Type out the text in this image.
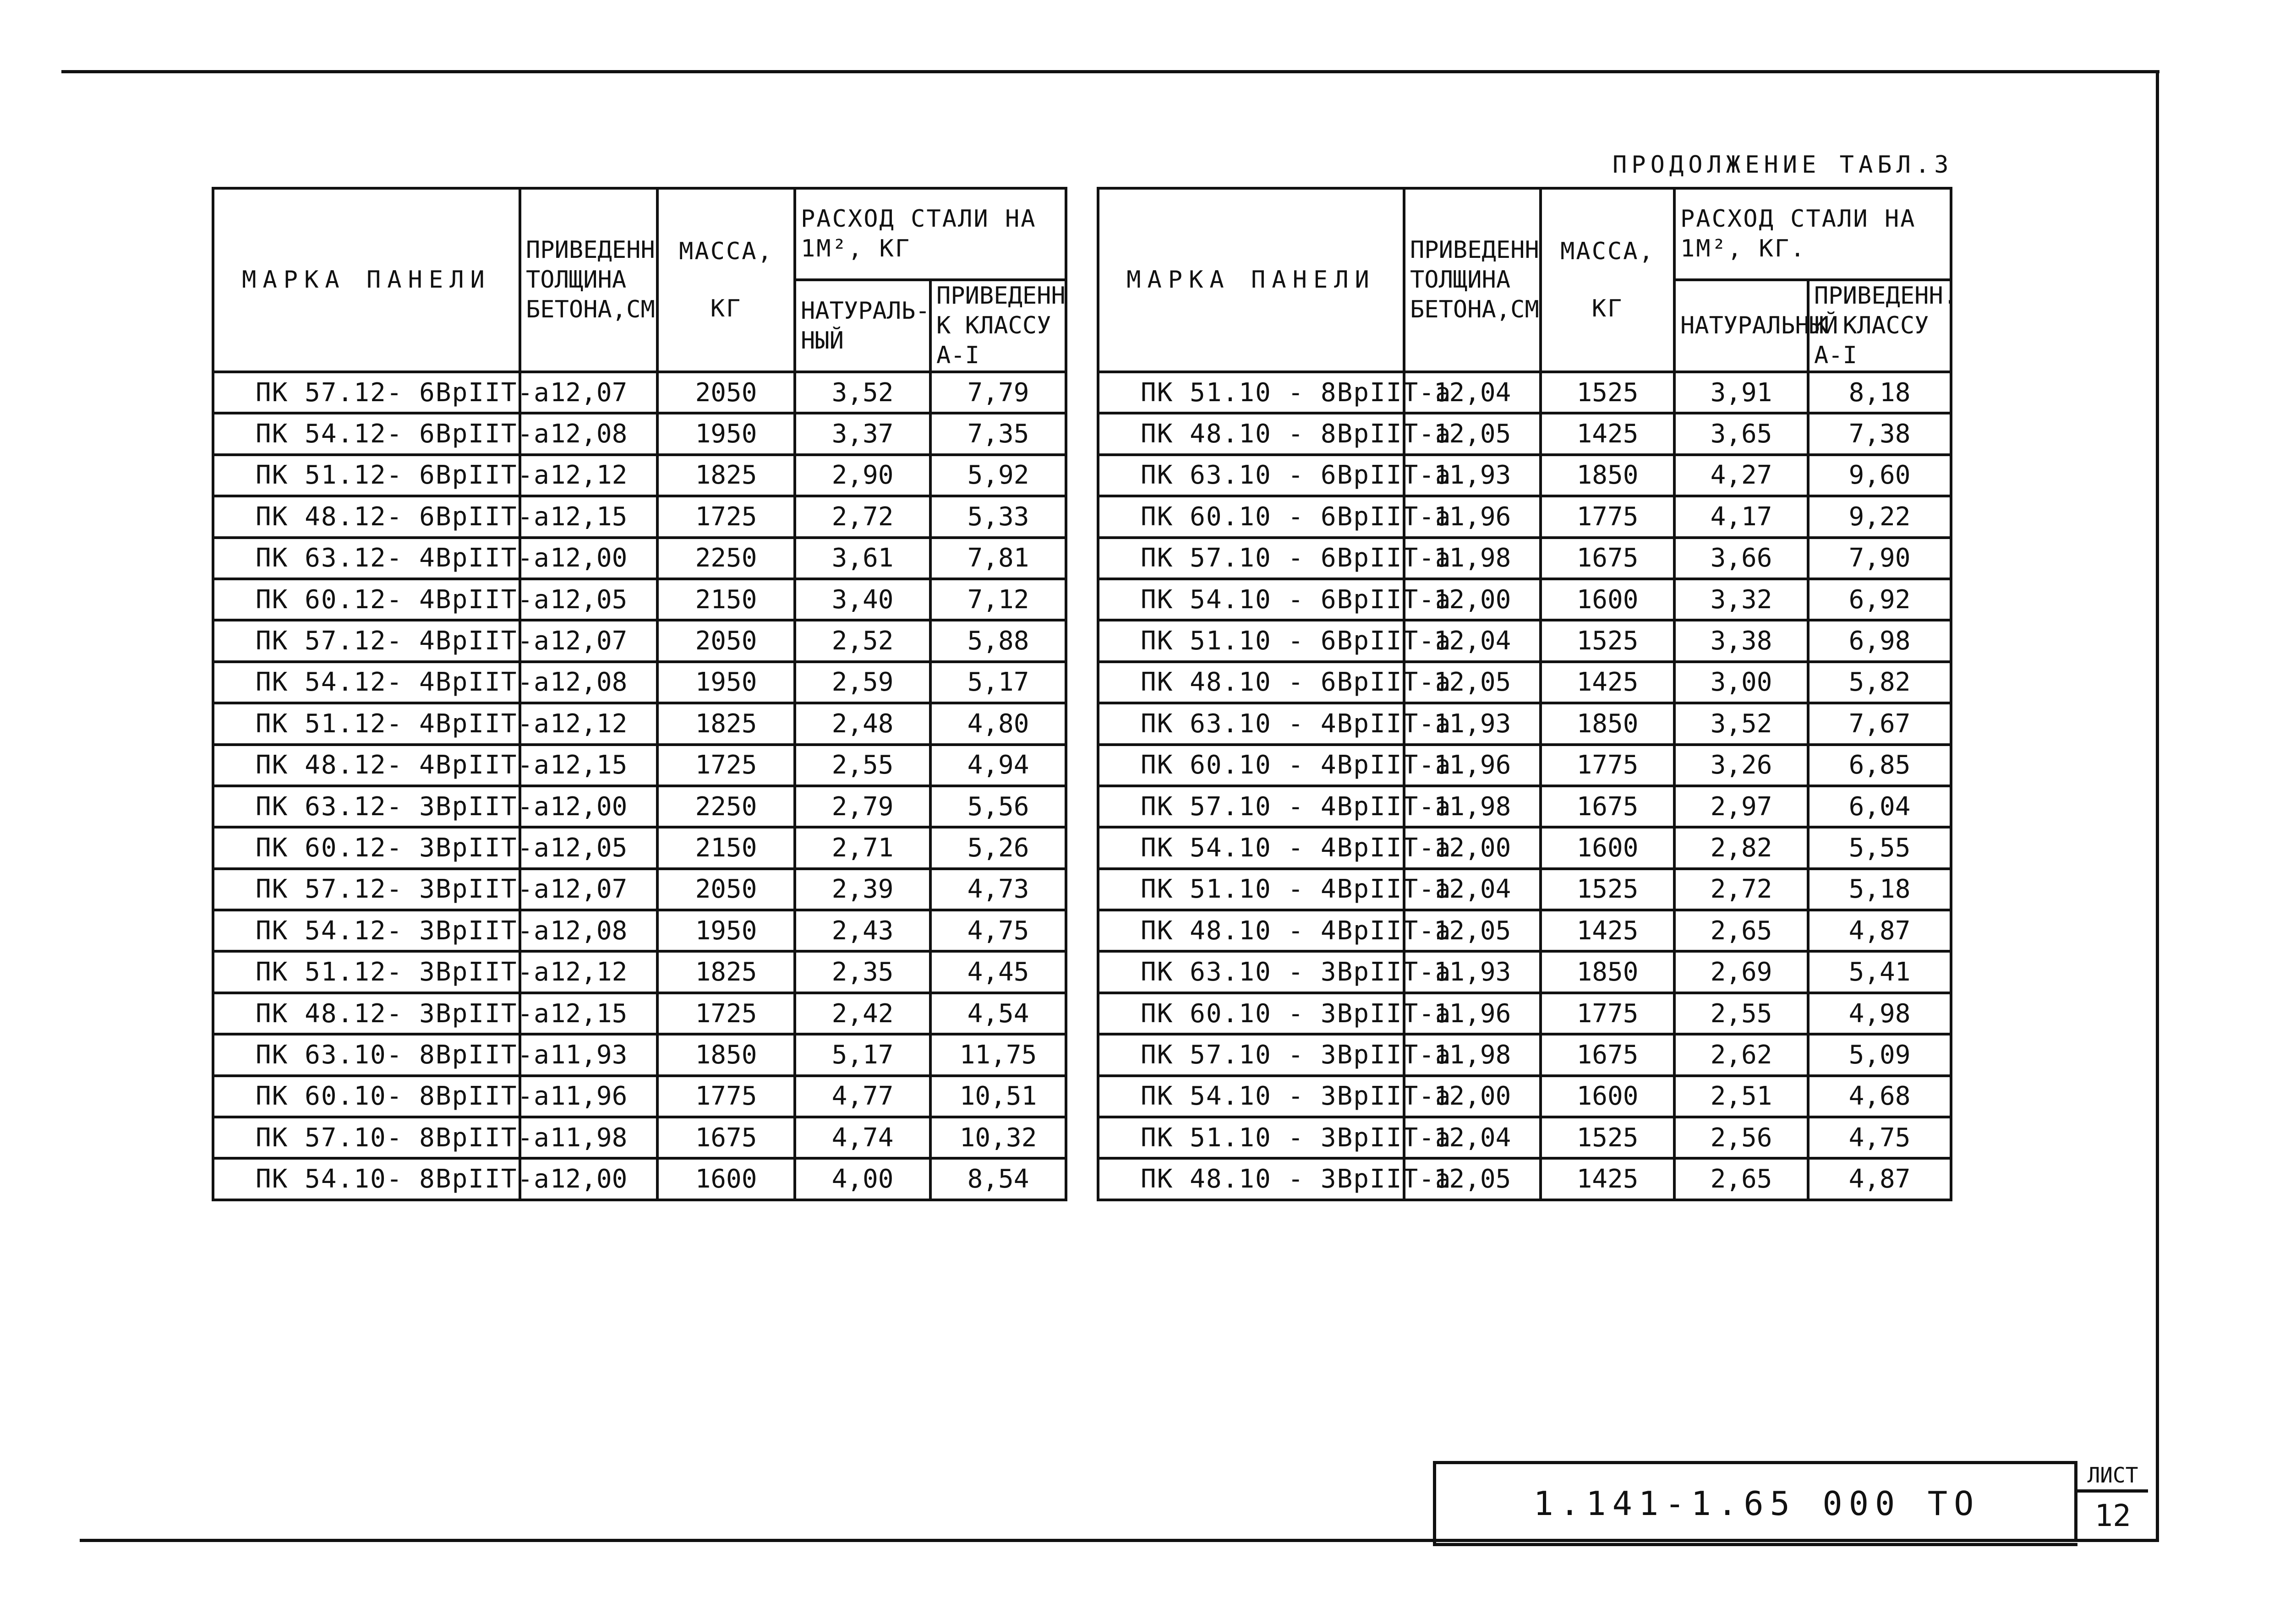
ПРОДОЛЖЕНИЕ ТАБЛ.3
МАРКА ПАНЕЛИ	ПРИВЕДЕНН ТОЛЩИНА БЕТОНА,СМ	МАССА,
КГ	РАСХОД СТАЛИ НА 1М², КГ	
			НАТУРАЛЬ-НЫЙ	ПРИВЕДЕНН К КЛАССУ А-I
ПК 57.12- 6ВрIIТ-а	12,07	2050	3,52	7,79
ПК 54.12- 6ВрIIТ-а	12,08	1950	3,37	7,35
ПК 51.12- 6ВрIIТ-а	12,12	1825	2,90	5,92
ПК 48.12- 6ВрIIТ-а	12,15	1725	2,72	5,33
ПК 63.12- 4ВрIIТ-а	12,00	2250	3,61	7,81
ПК 60.12- 4ВрIIТ-а	12,05	2150	3,40	7,12
ПК 57.12- 4ВрIIТ-а	12,07	2050	2,52	5,88
ПК 54.12- 4ВрIIТ-а	12,08	1950	2,59	5,17
ПК 51.12- 4ВрIIТ-а	12,12	1825	2,48	4,80
ПК 48.12- 4ВрIIТ-а	12,15	1725	2,55	4,94
ПК 63.12- 3ВрIIТ-а	12,00	2250	2,79	5,56
ПК 60.12- 3ВрIIТ-а	12,05	2150	2,71	5,26
ПК 57.12- 3ВрIIТ-а	12,07	2050	2,39	4,73
ПК 54.12- 3ВрIIТ-а	12,08	1950	2,43	4,75
ПК 51.12- 3ВрIIТ-а	12,12	1825	2,35	4,45
ПК 48.12- 3ВрIIТ-а	12,15	1725	2,42	4,54
ПК 63.10- 8ВрIIТ-а	11,93	1850	5,17	11,75
ПК 60.10- 8ВрIIТ-а	11,96	1775	4,77	10,51
ПК 57.10- 8ВрIIТ-а	11,98	1675	4,74	10,32
ПК 54.10- 8ВрIIТ-а	12,00	1600	4,00	8,54
МАРКА ПАНЕЛИ	ПРИВЕДЕНН ТОЛЩИНА БЕТОНА,СМ	МАССА,
КГ	РАСХОД СТАЛИ НА 1М², КГ.	
			НАТУРАЛЬНЫЙ	ПРИВЕДЕНН. К КЛАССУ А-I
ПК 51.10 - 8ВрIIТ-а	12,04	1525	3,91	8,18
ПК 48.10 - 8ВрIIТ-а	12,05	1425	3,65	7,38
ПК 63.10 - 6ВрIIТ-а	11,93	1850	4,27	9,60
ПК 60.10 - 6ВрIIТ-а	11,96	1775	4,17	9,22
ПК 57.10 - 6ВрIIТ-а	11,98	1675	3,66	7,90
ПК 54.10 - 6ВрIIТ-а	12,00	1600	3,32	6,92
ПК 51.10 - 6ВрIIТ-а	12,04	1525	3,38	6,98
ПК 48.10 - 6ВрIIТ-а	12,05	1425	3,00	5,82
ПК 63.10 - 4ВрIIТ-а	11,93	1850	3,52	7,67
ПК 60.10 - 4ВрIIТ-а	11,96	1775	3,26	6,85
ПК 57.10 - 4ВрIIТ-а	11,98	1675	2,97	6,04
ПК 54.10 - 4ВрIIТ-а	12,00	1600	2,82	5,55
ПК 51.10 - 4ВрIIТ-а	12,04	1525	2,72	5,18
ПК 48.10 - 4ВрIIТ-а	12,05	1425	2,65	4,87
ПК 63.10 - 3ВрIIТ-а	11,93	1850	2,69	5,41
ПК 60.10 - 3ВрIIТ-а	11,96	1775	2,55	4,98
ПК 57.10 - 3ВрIIТ-а	11,98	1675	2,62	5,09
ПК 54.10 - 3ВрIIТ-а	12,00	1600	2,51	4,68
ПК 51.10 - 3ВрIIТ-а	12,04	1525	2,56	4,75
ПК 48.10 - 3ВрIIТ-а	12,05	1425	2,65	4,87
1.141-1.65 000 ТО
ЛИСТ
12
